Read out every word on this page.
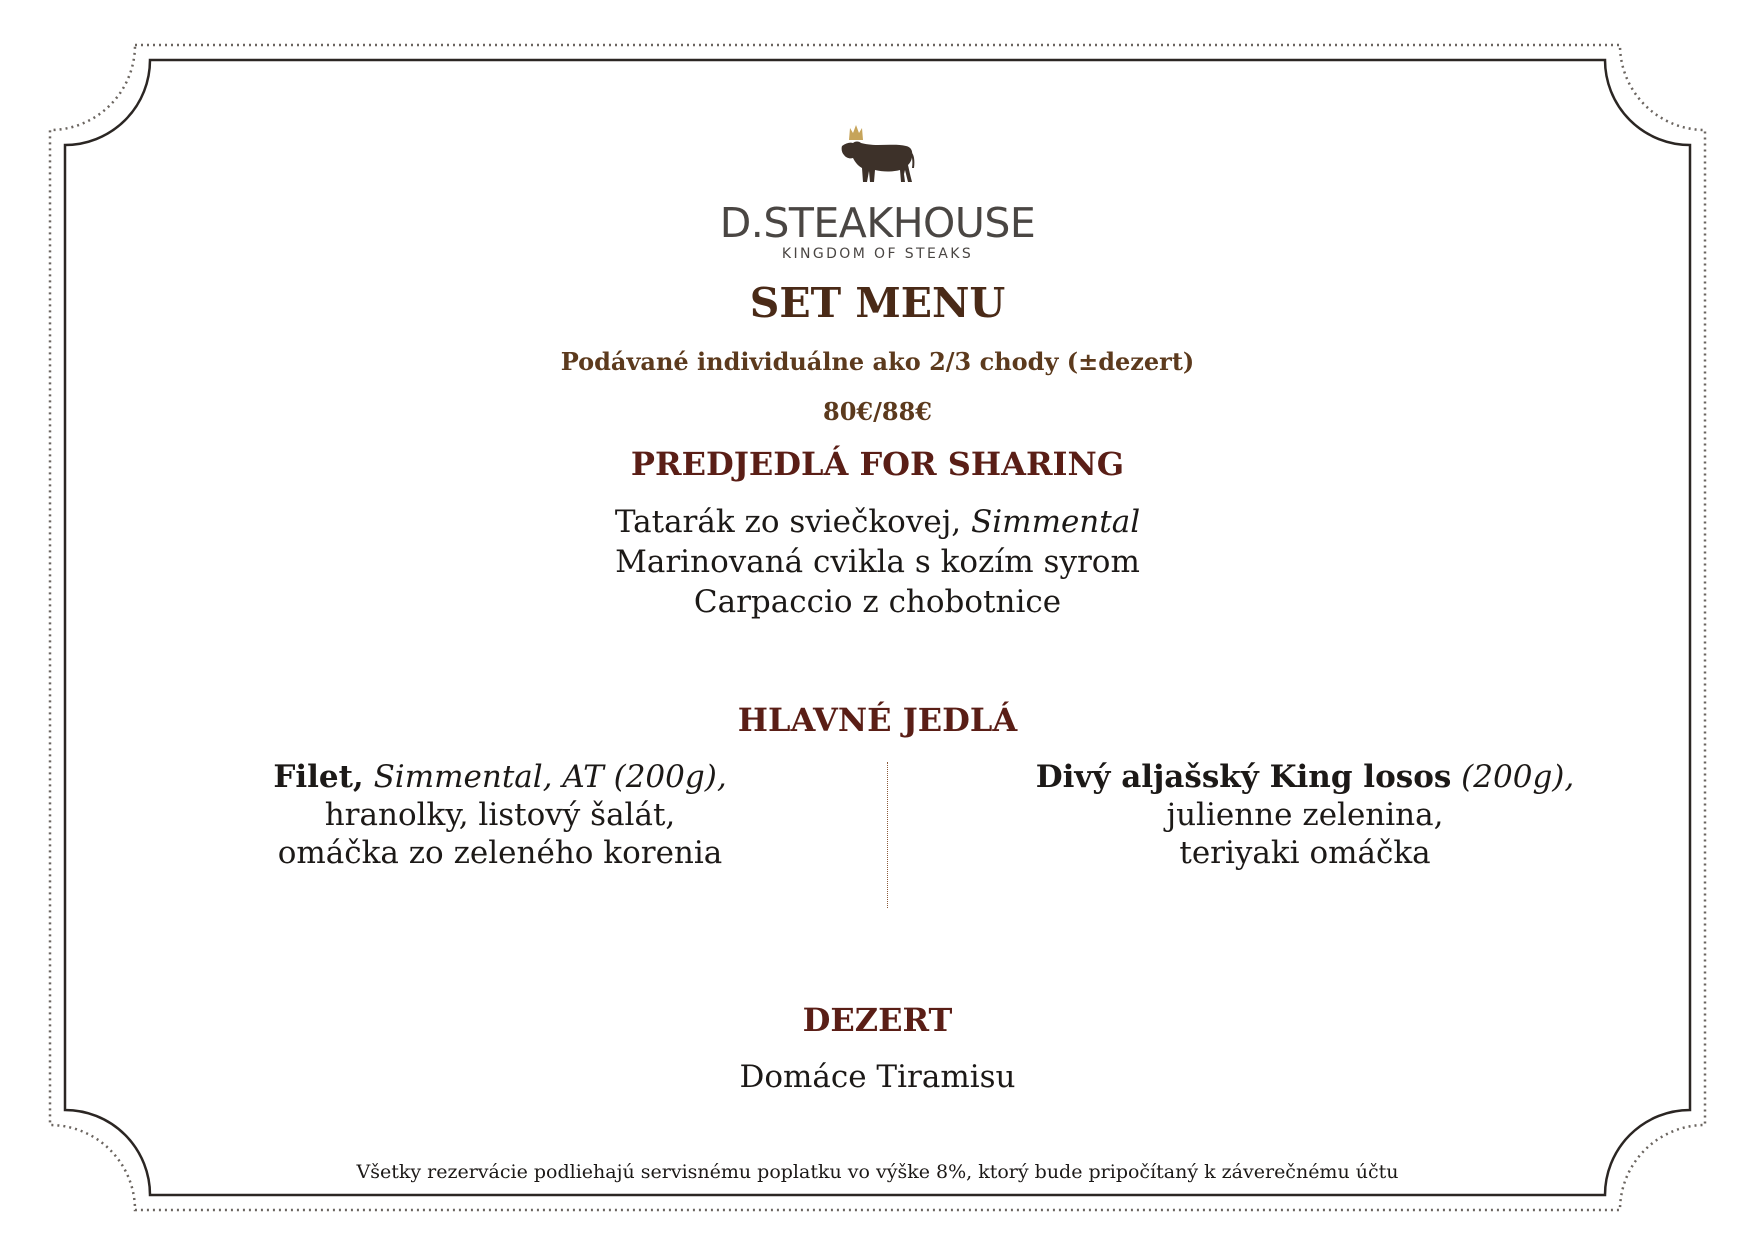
D.STEAKHOUSE
KINGDOM OF STEAKS
SET MENU
Podávané individuálne ako 2/3 chody (±dezert)
80€/88€
PREDJEDLÁ FOR SHARING
Tatarák zo sviečkovej, Simmental
Marinovaná cvikla s kozím syrom
Carpaccio z chobotnice
HLAVNÉ JEDLÁ
Filet, Simmental, AT (200g),
hranolky, listový šalát,
omáčka zo zeleného korenia
Divý aljašský King losos (200g),
julienne zelenina,
teriyaki omáčka
DEZERT
Domáce Tiramisu
Všetky rezervácie podliehajú servisnému poplatku vo výške 8%, ktorý bude pripočítaný k záverečnému účtu
